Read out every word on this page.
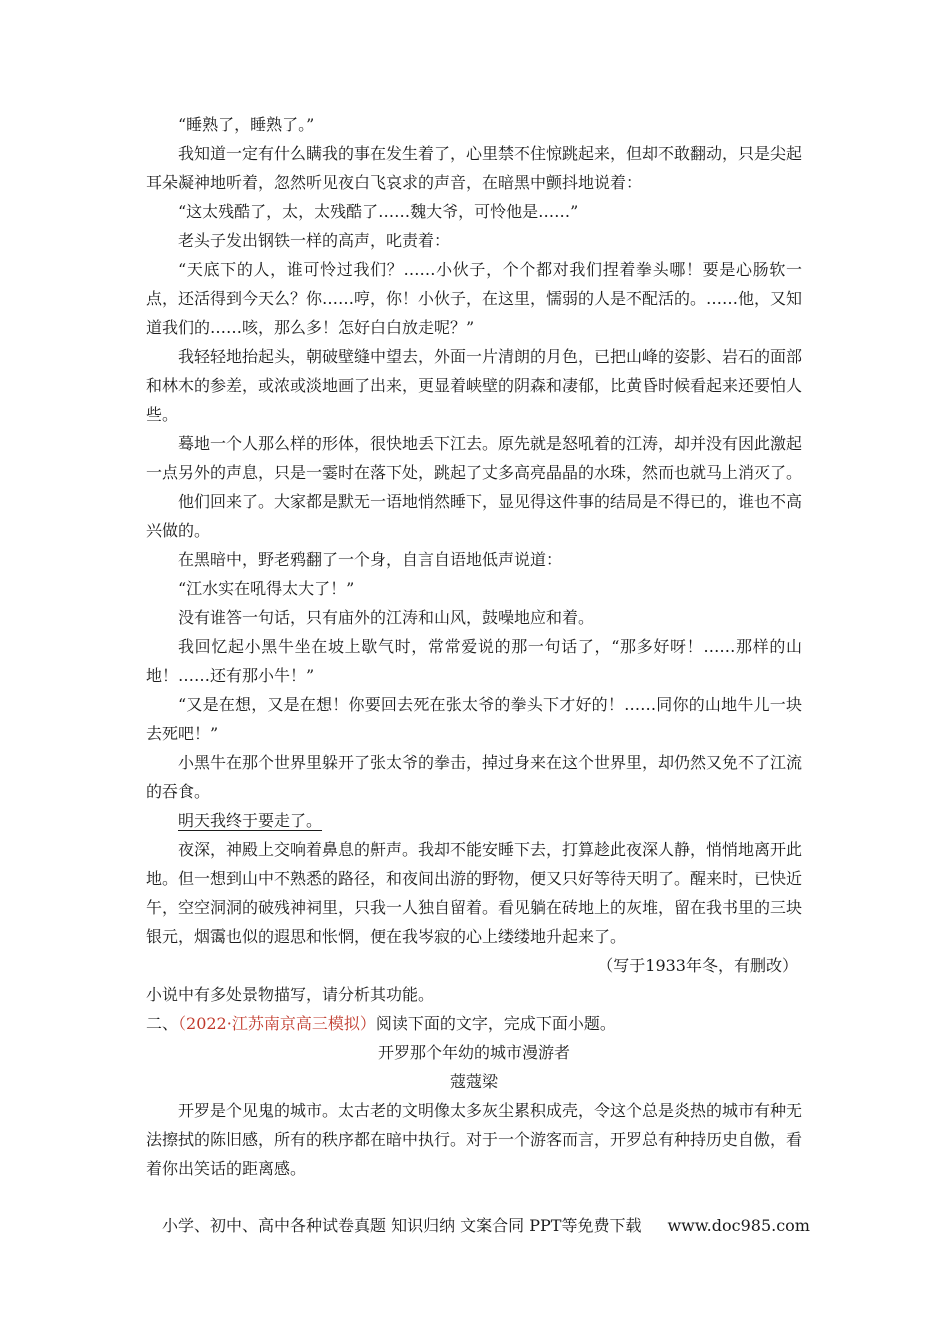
“睡熟了，睡熟了。”

我知道一定有什么瞒我的事在发生着了，心里禁不住惊跳起来，但却不敢翻动，只是尖起耳朵凝神地听着，忽然听见夜白飞哀求的声音，在暗黑中颤抖地说着：

“这太残酷了，太，太残酷了……魏大爷，可怜他是……”

老头子发出钢铁一样的高声，叱责着：

“天底下的人，谁可怜过我们？……小伙子，个个都对我们捏着拳头哪！要是心肠软一点，还活得到今天么？你……哼，你！小伙子，在这里，懦弱的人是不配活的。……他，又知道我们的……咳，那么多！怎好白白放走呢？”

我轻轻地抬起头，朝破壁缝中望去，外面一片清朗的月色，已把山峰的姿影、岩石的面部和林木的参差，或浓或淡地画了出来，更显着峡壁的阴森和凄郁，比黄昏时候看起来还要怕人些。

蓦地一个人那么样的形体，很快地丢下江去。原先就是怒吼着的江涛，却并没有因此激起一点另外的声息，只是一霎时在落下处，跳起了丈多高亮晶晶的水珠，然而也就马上消灭了。

他们回来了。大家都是默无一语地悄然睡下，显见得这件事的结局是不得已的，谁也不高兴做的。

在黑暗中，野老鸦翻了一个身，自言自语地低声说道：

“江水实在吼得太大了！”

没有谁答一句话，只有庙外的江涛和山风，鼓噪地应和着。

我回忆起小黑牛坐在坡上歇气时，常常爱说的那一句话了，“那多好呀！……那样的山地！……还有那小牛！”

“又是在想，又是在想！你要回去死在张太爷的拳头下才好的！……同你的山地牛儿一块去死吧！”

小黑牛在那个世界里躲开了张太爷的拳击，掉过身来在这个世界里，却仍然又免不了江流的吞食。

明天我终于要走了。

夜深，神殿上交响着鼻息的鼾声。我却不能安睡下去，打算趁此夜深人静，悄悄地离开此地。但一想到山中不熟悉的路径，和夜间出游的野物，便又只好等待天明了。醒来时，已快近午，空空洞洞的破残神祠里，只我一人独自留着。看见躺在砖地上的灰堆，留在我书里的三块银元，烟霭也似的遐思和怅惘，便在我岑寂的心上缕缕地升起来了。

（写于1933年冬，有删改）

小说中有多处景物描写，请分析其功能。

二、（2022·江苏南京高三模拟）阅读下面的文字，完成下面小题。

开罗那个年幼的城市漫游者

蔻蔻梁

开罗是个见鬼的城市。太古老的文明像太多灰尘累积成壳，令这个总是炎热的城市有种无法擦拭的陈旧感，所有的秩序都在暗中执行。对于一个游客而言，开罗总有种持历史自傲，看着你出笑话的距离感。

小学、初中、高中各种试卷真题 知识归纳 文案合同 PPT等免费下载 www.doc985.com
